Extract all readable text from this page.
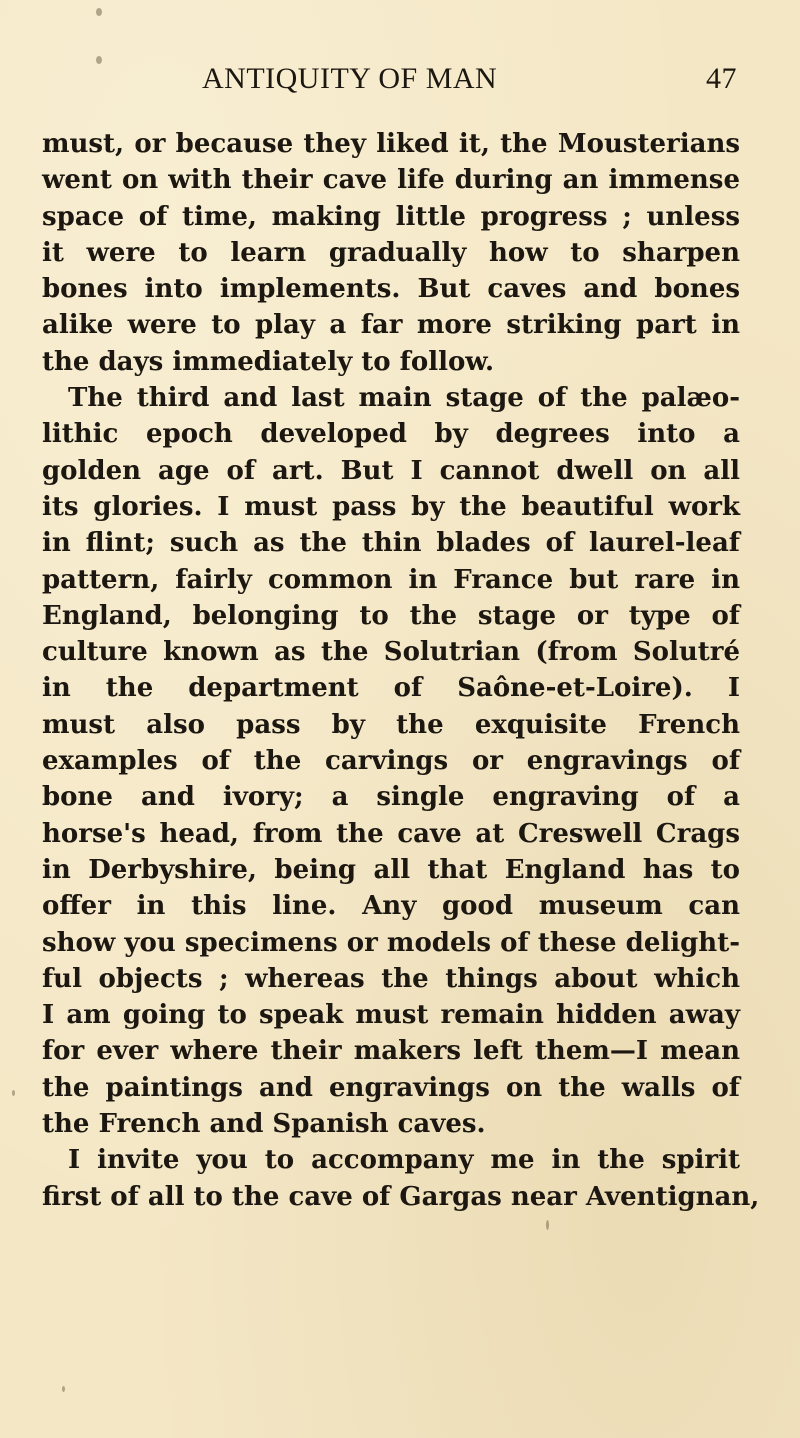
ANTIQUITY OF MAN	47
must, or because they liked it, the Mousterians
went on with their cave life during an immense
space of time, making little progress ; unless
it were to learn gradually how to sharpen
bones into implements. But caves and bones
alike were to play a far more striking part in
the days immediately to follow.
The third and last main stage of the palæo-
lithic epoch developed by degrees into a
golden age of art. But I cannot dwell on all
its glories. I must pass by the beautiful work
in flint; such as the thin blades of laurel-leaf
pattern, fairly common in France but rare in
England, belonging to the stage or type of
culture known as the Solutrian (from Solutré
in the department of Saône-et-Loire). I
must also pass by the exquisite French
examples of the carvings or engravings of
bone and ivory; a single engraving of a
horse's head, from the cave at Creswell Crags
in Derbyshire, being all that England has to
offer in this line. Any good museum can
show you specimens or models of these delight-
ful objects ; whereas the things about which
I am going to speak must remain hidden away
for ever where their makers left them—I mean
the paintings and engravings on the walls of
the French and Spanish caves.
I invite you to accompany me in the spirit
first of all to the cave of Gargas near Aventignan,
